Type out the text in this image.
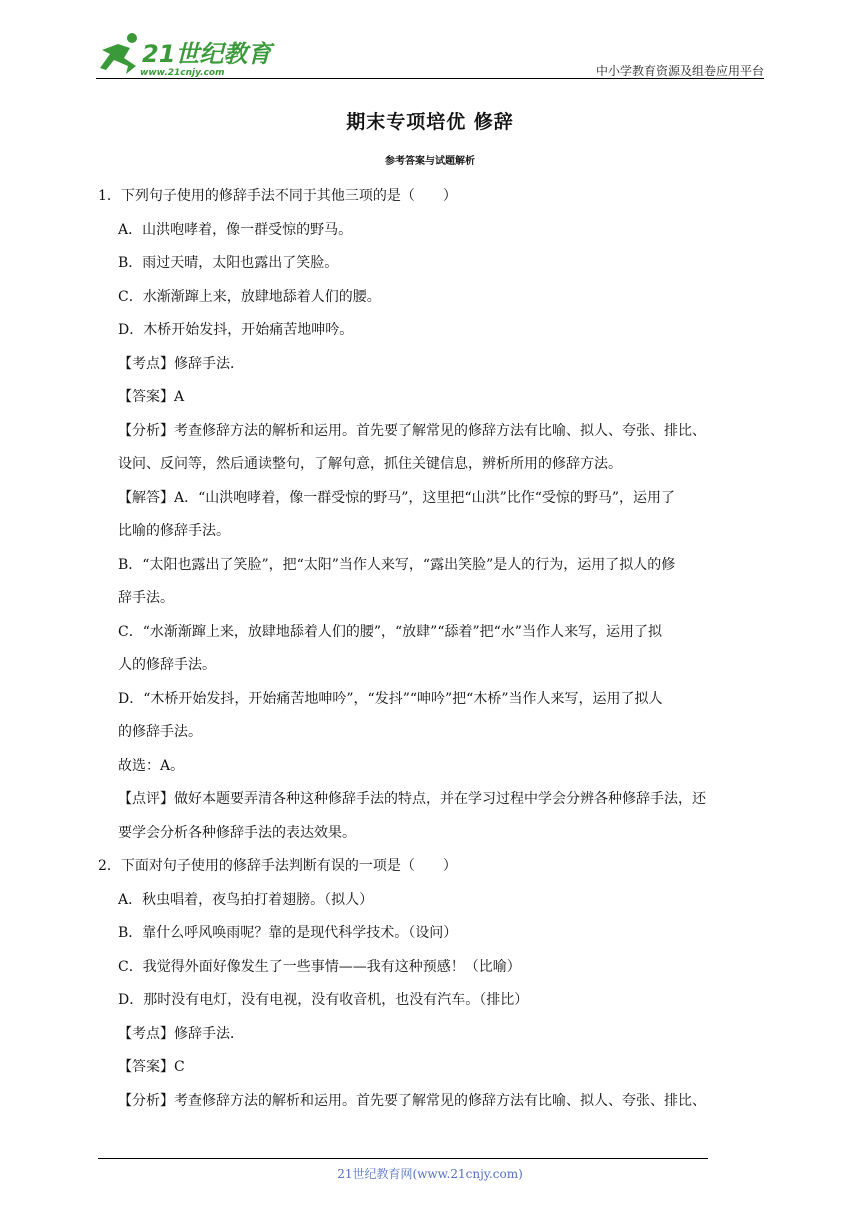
21世纪教育
www.21cnjy.com	中小学教育资源及组卷应用平台
期末专项培优 修辞
参考答案与试题解析

1．下列句子使用的修辞手法不同于其他三项的是（　　）

A．山洪咆哮着，像一群受惊的野马。

B．雨过天晴，太阳也露出了笑脸。

C．水渐渐蹿上来，放肆地舔着人们的腰。

D．木桥开始发抖，开始痛苦地呻吟。

【考点】修辞手法．

【答案】A

【分析】考查修辞方法的解析和运用。首先要了解常见的修辞方法有比喻、拟人、夸张、排比、

设问、反问等，然后通读整句，了解句意，抓住关键信息，辨析所用的修辞方法。

【解答】A．“山洪咆哮着，像一群受惊的野马”，这里把“山洪”比作“受惊的野马”，运用了

比喻的修辞手法。

B．“太阳也露出了笑脸”，把“太阳”当作人来写，“露出笑脸”是人的行为，运用了拟人的修

辞手法。

C．“水渐渐蹿上来，放肆地舔着人们的腰”，“放肆”“舔着”把“水”当作人来写，运用了拟

人的修辞手法。

D．“木桥开始发抖，开始痛苦地呻吟”，“发抖”“呻吟”把“木桥”当作人来写，运用了拟人

的修辞手法。

故选：A。

【点评】做好本题要弄清各种这种修辞手法的特点，并在学习过程中学会分辨各种修辞手法，还

要学会分析各种修辞手法的表达效果。

2．下面对句子使用的修辞手法判断有误的一项是（　　）

A．秋虫唱着，夜鸟拍打着翅膀。（拟人）

B．靠什么呼风唤雨呢？靠的是现代科学技术。（设问）

C．我觉得外面好像发生了一些事情——我有这种预感！（比喻）

D．那时没有电灯，没有电视，没有收音机，也没有汽车。（排比）

【考点】修辞手法．

【答案】C

【分析】考查修辞方法的解析和运用。首先要了解常见的修辞方法有比喻、拟人、夸张、排比、

21世纪教育网(www.21cnjy.com)
